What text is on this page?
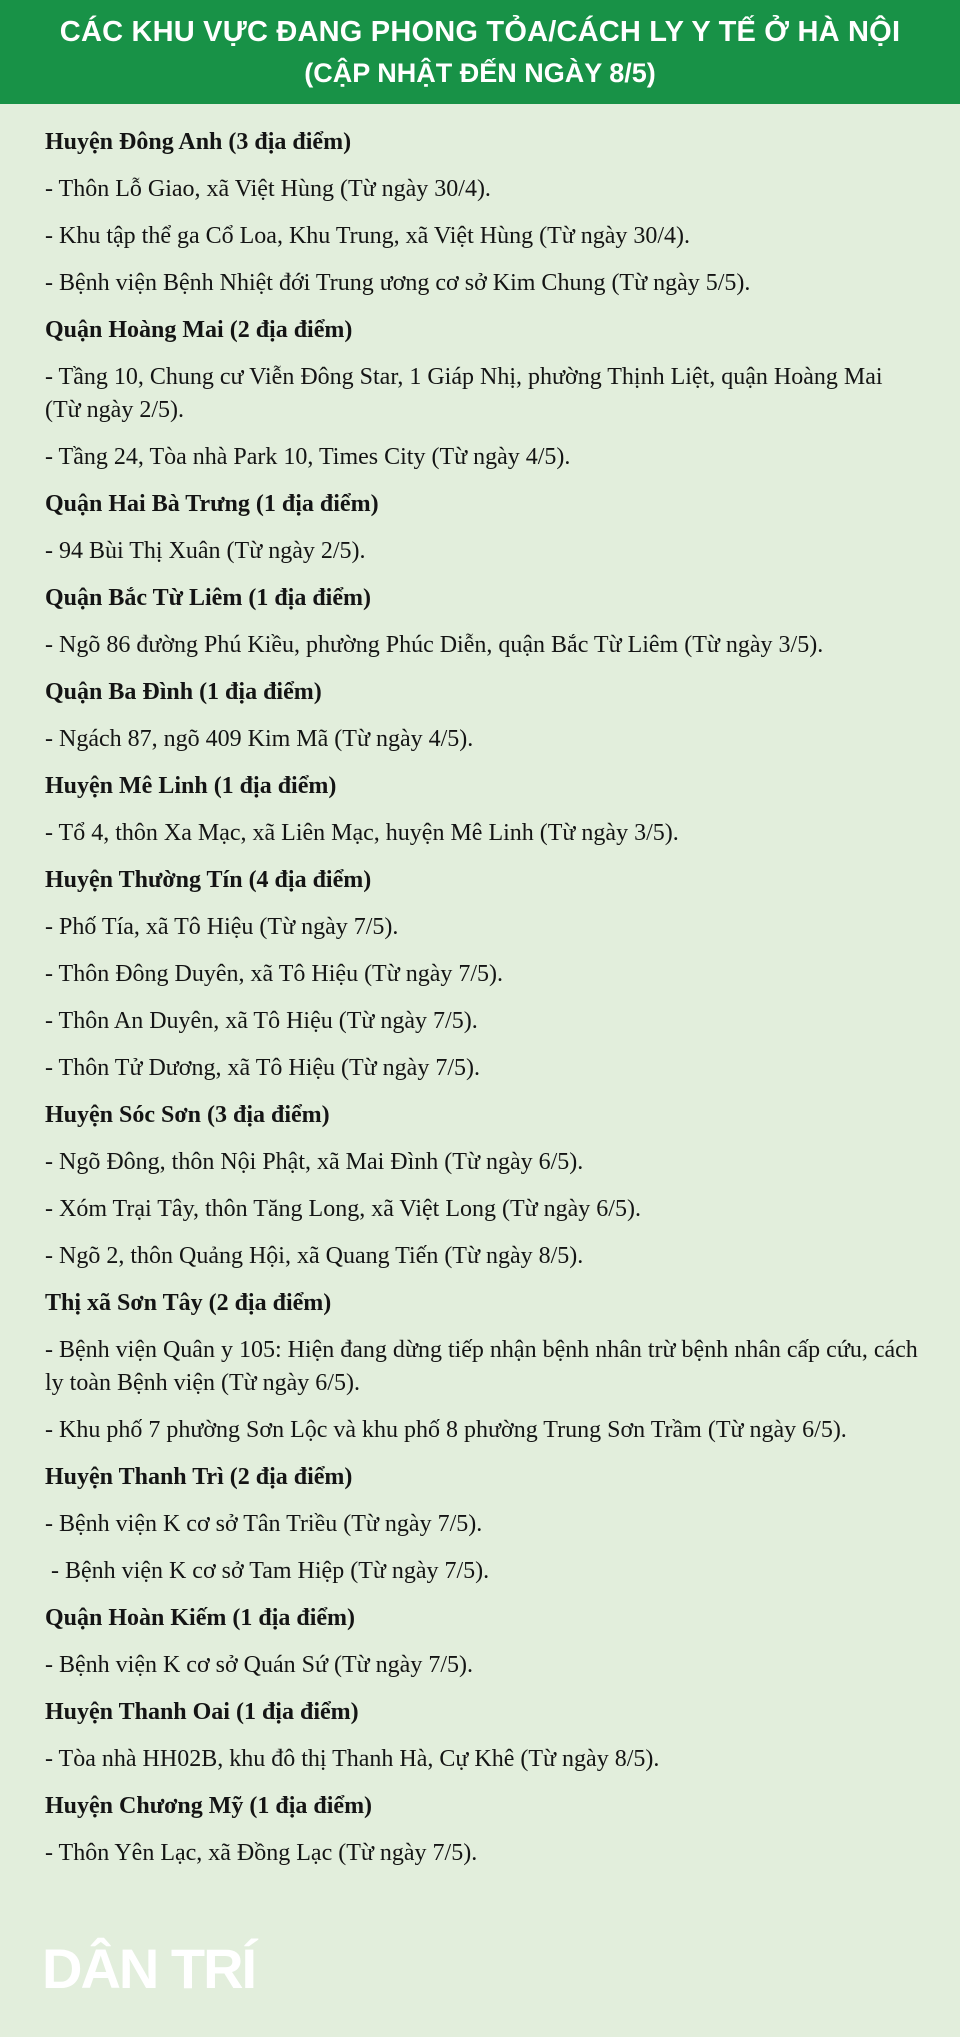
CÁC KHU VỰC ĐANG PHONG TỎA/CÁCH LY Y TẾ Ở HÀ NỘI
(CẬP NHẬT ĐẾN NGÀY 8/5)
Huyện Đông Anh (3 địa điểm)
- Thôn Lỗ Giao, xã Việt Hùng (Từ ngày 30/4).
- Khu tập thể ga Cổ Loa, Khu Trung, xã Việt Hùng (Từ ngày 30/4).
- Bệnh viện Bệnh Nhiệt đới Trung ương cơ sở Kim Chung (Từ ngày 5/5).
Quận Hoàng Mai (2 địa điểm)
- Tầng 10, Chung cư Viễn Đông Star, 1 Giáp Nhị, phường Thịnh Liệt, quận Hoàng Mai (Từ ngày 2/5).
- Tầng 24, Tòa nhà Park 10, Times City (Từ ngày 4/5).
Quận Hai Bà Trưng (1 địa điểm)
- 94 Bùi Thị Xuân (Từ ngày 2/5).
Quận Bắc Từ Liêm (1 địa điểm)
- Ngõ 86 đường Phú Kiều, phường Phúc Diễn, quận Bắc Từ Liêm (Từ ngày 3/5).
Quận Ba Đình (1 địa điểm)
- Ngách 87, ngõ 409 Kim Mã (Từ ngày 4/5).
Huyện Mê Linh (1 địa điểm)
- Tổ 4, thôn Xa Mạc, xã Liên Mạc, huyện Mê Linh (Từ ngày 3/5).
Huyện Thường Tín (4 địa điểm)
- Phố Tía, xã Tô Hiệu (Từ ngày 7/5).
- Thôn Đông Duyên, xã Tô Hiệu (Từ ngày 7/5).
- Thôn An Duyên, xã Tô Hiệu (Từ ngày 7/5).
- Thôn Tử Dương, xã Tô Hiệu (Từ ngày 7/5).
Huyện Sóc Sơn (3 địa điểm)
- Ngõ Đông, thôn Nội Phật, xã Mai Đình (Từ ngày 6/5).
- Xóm Trại Tây, thôn Tăng Long, xã Việt Long (Từ ngày 6/5).
- Ngõ 2, thôn Quảng Hội, xã Quang Tiến (Từ ngày 8/5).
Thị xã Sơn Tây (2 địa điểm)
- Bệnh viện Quân y 105: Hiện đang dừng tiếp nhận bệnh nhân trừ bệnh nhân cấp cứu, cách ly toàn Bệnh viện (Từ ngày 6/5).
- Khu phố 7 phường Sơn Lộc và khu phố 8 phường Trung Sơn Trầm (Từ ngày 6/5).
Huyện Thanh Trì (2 địa điểm)
- Bệnh viện K cơ sở Tân Triều (Từ ngày 7/5).
- Bệnh viện K cơ sở Tam Hiệp (Từ ngày 7/5).
Quận Hoàn Kiếm (1 địa điểm)
- Bệnh viện K cơ sở Quán Sứ (Từ ngày 7/5).
Huyện Thanh Oai (1 địa điểm)
- Tòa nhà HH02B, khu đô thị Thanh Hà, Cự Khê (Từ ngày 8/5).
Huyện Chương Mỹ (1 địa điểm)
- Thôn Yên Lạc, xã Đồng Lạc (Từ ngày 7/5).
DÂN TRÍ
